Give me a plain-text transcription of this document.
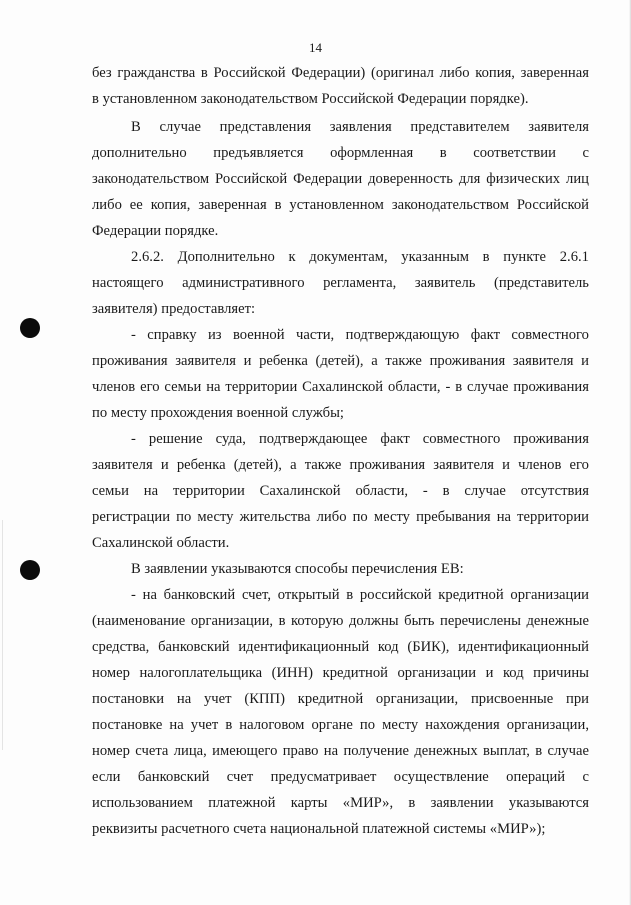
14
без гражданства в Российской Федерации) (оригинал либо копия, заверенная
в установленном законодательством Российской Федерации порядке).
В случае представления заявления представителем заявителя
дополнительно предъявляется оформленная в соответствии с
законодательством Российской Федерации доверенность для физических лиц
либо ее копия, заверенная в установленном законодательством Российской
Федерации порядке.
2.6.2. Дополнительно к документам, указанным в пункте 2.6.1
настоящего административного регламента, заявитель (представитель
заявителя) предоставляет:
- справку из военной части, подтверждающую факт совместного
проживания заявителя и ребенка (детей), а также проживания заявителя и
членов его семьи на территории Сахалинской области, - в случае проживания
по месту прохождения военной службы;
- решение суда, подтверждающее факт совместного проживания
заявителя и ребенка (детей), а также проживания заявителя и членов его
семьи на территории Сахалинской области, - в случае отсутствия
регистрации по месту жительства либо по месту пребывания на территории
Сахалинской области.
В заявлении указываются способы перечисления ЕВ:
- на банковский счет, открытый в российской кредитной организации
(наименование организации, в которую должны быть перечислены денежные
средства, банковский идентификационный код (БИК), идентификационный
номер налогоплательщика (ИНН) кредитной организации и код причины
постановки на учет (КПП) кредитной организации, присвоенные при
постановке на учет в налоговом органе по месту нахождения организации,
номер счета лица, имеющего право на получение денежных выплат, в случае
если банковский счет предусматривает осуществление операций с
использованием платежной карты «МИР», в заявлении указываются
реквизиты расчетного счета национальной платежной системы «МИР»);
